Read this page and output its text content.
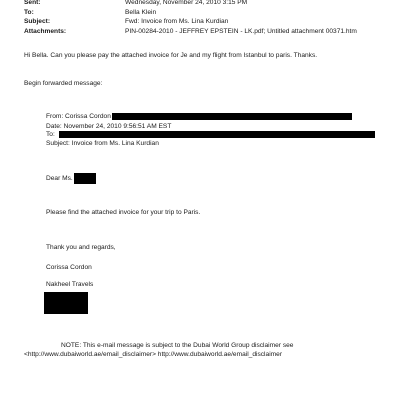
Sent:	Wednesday, November 24, 2010 3:15 PM
To:	Bella Klein
Subject:	Fwd: Invoice from Ms. Lina Kurdian
Attachments:	PIN-00284-2010 - JEFFREY EPSTEIN - LK.pdf; Untitled attachment 00371.htm
Hi Bella. Can you please pay the attached invoice for Je and my flight from Istanbul to paris. Thanks.
Begin forwarded message:
From: Corissa Cordon
Date: November 24, 2010 9:56:51 AM EST
To:
Subject: Invoice from Ms. Lina Kurdian
Dear Ms.
Please find the attached invoice for your trip to Paris.
Thank you and regards,
Corissa Cordon
Nakheel Travels
NOTE: This e-mail message is subject to the Dubai World Group disclaimer see
<http://www.dubaiworld.ae/email_disclaimer> http://www.dubaiworld.ae/email_disclaimer
